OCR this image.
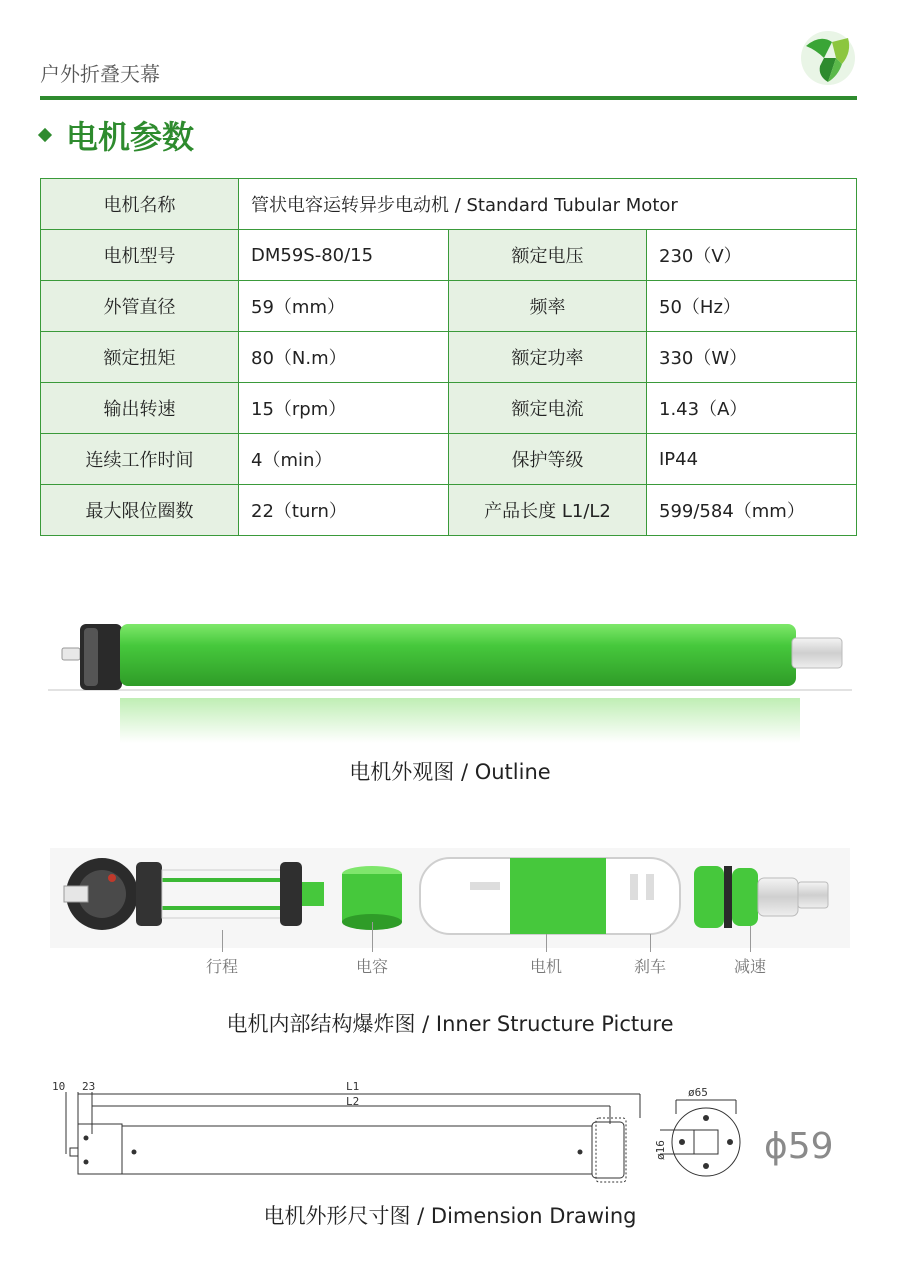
户外折叠天幕
电机参数
电机名称	管状电容运转异步电动机 / Standard Tubular Motor		
电机型号	DM59S-80/15	额定电压	230（V）
外管直径	59（mm）	频率	50（Hz）
额定扭矩	80（N.m）	额定功率	330（W）
输出转速	15（rpm）	额定电流	1.43（A）
连续工作时间	4（min）	保护等级	IP44
最大限位圈数	22（turn）	产品长度 L1/L2	599/584（mm）
电机外观图 / Outline
行程	电容	电机	刹车	减速
电机内部结构爆炸图 / Inner Structure Picture
10 23	L1
L2
ø65
ø16	ϕ59
电机外形尺寸图 / Dimension Drawing
